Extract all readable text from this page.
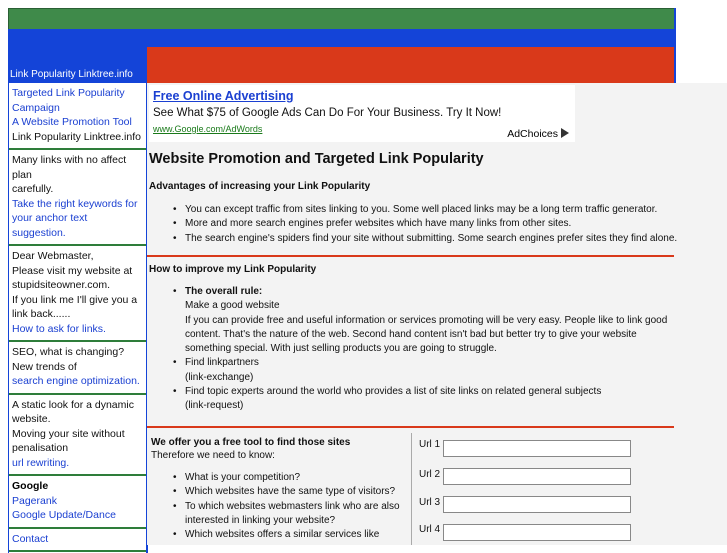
Link Popularity Linktree.info
Targeted Link Popularity
Campaign
A Website Promotion Tool
Link Popularity Linktree.info
Many links with no affect plan
carefully.
Take the right keywords for
your anchor text suggestion.
Dear Webmaster,
Please visit my website at
stupidsiteowner.com.
If you link me I'll give you a
link back......
How to ask for links.
SEO, what is changing?
New trends of
search engine optimization.
A static look for a dynamic
website.
Moving your site without
penalisation
url rewriting.
Google
Pagerank
Google Update/Dance
Contact
Free Online Advertising
See What $75 of Google Ads Can Do For Your Business. Try It Now!
www.Google.com/AdWords	AdChoices
Website Promotion and Targeted Link Popularity
Advantages of increasing your Link Popularity
• You can except traffic from sites linking to you. Some well placed links may be a long term traffic generator.
• More and more search engines prefer websites which have many links from other sites.
• The search engine's spiders find your site without submitting. Some search engines prefer sites they find alone.
How to improve my Link Popularity
• The overall rule:
Make a good website
If you can provide free and useful information or services promoting will be very easy. People like to link good
content. That's the nature of the web. Second hand content isn't bad but better try to give your website
something special. With just selling products you are going to struggle.
• Find linkpartners
(link-exchange)
• Find topic experts around the world who provides a list of site links on related general subjects
(link-request)
We offer you a free tool to find those sites
Therefore we need to know:
• What is your competition?
• Which websites have the same type of visitors?
• To which websites webmasters link who are also
interested in linking your website?
• Which websites offers a similar services like
Url 1
Url 2
Url 3
Url 4
